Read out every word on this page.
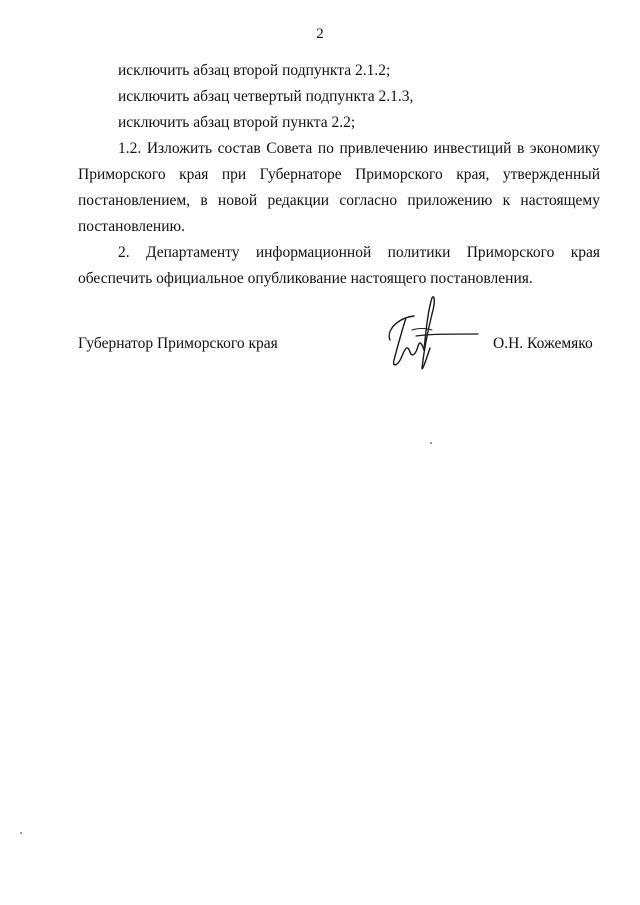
2
исключить абзац второй подпункта 2.1.2;
исключить абзац четвертый подпункта 2.1.3,
исключить абзац второй пункта 2.2;
1.2. Изложить состав Совета по привлечению инвестиций в экономику
Приморского края при Губернаторе Приморского края, утвержденный
постановлением, в новой редакции согласно приложению к настоящему
постановлению.
2. Департаменту информационной политики Приморского края
обеспечить официальное опубликование настоящего постановления.
Губернатор Приморского края	О.Н. Кожемяко
